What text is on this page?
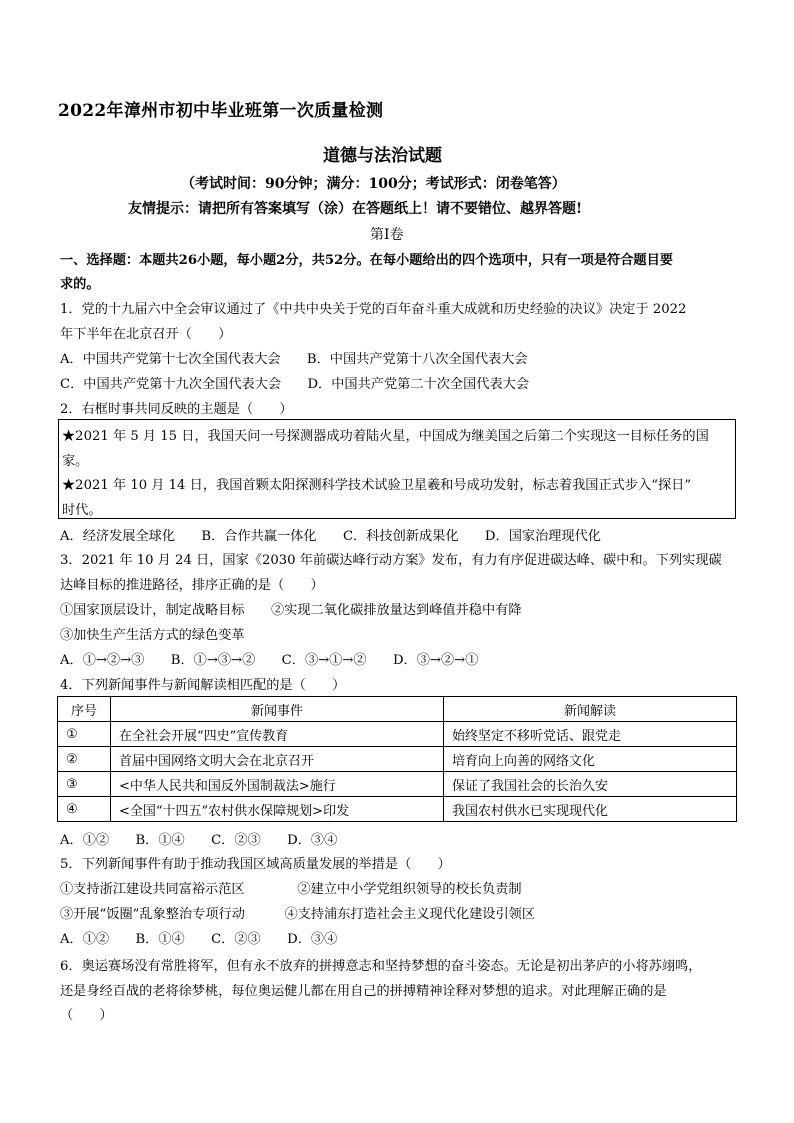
2022年漳州市初中毕业班第一次质量检测
道德与法治试题
（考试时间：90分钟；满分：100分；考试形式：闭卷笔答）
友情提示：请把所有答案填写（涂）在答题纸上！请不要错位、越界答题!
第Ⅰ卷
一、选择题：本题共26小题，每小题2分，共52分。在每小题给出的四个选项中，只有一项是符合题目要
求的。
1．党的十九届六中全会审议通过了《中共中央关于党的百年奋斗重大成就和历史经验的决议》决定于 2022
年下半年在北京召开（　　）
A．中国共产党第十七次全国代表大会　　B．中国共产党第十八次全国代表大会
C．中国共产党第十九次全国代表大会　　D．中国共产党第二十次全国代表大会
2．右框时事共同反映的主题是（　　）
★2021 年 5 月 15 日，我国天问一号探测器成功着陆火星，中国成为继美国之后第二个实现这一目标任务的国
家。
★2021 年 10 月 14 日，我国首颗太阳探测科学技术试验卫星羲和号成功发射，标志着我国正式步入“探日”
时代。
A．经济发展全球化　　B．合作共赢一体化　　C．科技创新成果化　　D．国家治理现代化
3．2021 年 10 月 24 日，国家《2030 年前碳达峰行动方案》发布，有力有序促进碳达峰、碳中和。下列实现碳
达峰目标的推进路径，排序正确的是（　　）
①国家顶层设计，制定战略目标　　②实现二氧化碳排放量达到峰值并稳中有降
③加快生产生活方式的绿色变革
A．①→②→③　　B．①→③→②　　C．③→①→②　　D．③→②→①
4．下列新闻事件与新闻解读相匹配的是（　　）
序号	新闻事件	新闻解读
①	在全社会开展“四史”宣传教育	始终坚定不移听党话、跟党走
②	首届中国网络文明大会在北京召开	培育向上向善的网络文化
③	<中华人民共和国反外国制裁法>施行	保证了我国社会的长治久安
④	<全国“十四五”农村供水保障规划>印发	我国农村供水已实现现代化
A．①②　　B．①④　　C．②③　　D．③④
5．下列新闻事件有助于推动我国区域高质量发展的举措是（　　）
①支持浙江建设共同富裕示范区　　　　②建立中小学党组织领导的校长负责制
③开展“饭圈”乱象整治专项行动　　　④支持浦东打造社会主义现代化建设引领区
A．①②　　B．①④　　C．②③　　D．③④
6．奥运赛场没有常胜将军，但有永不放弃的拼搏意志和坚持梦想的奋斗姿态。无论是初出茅庐的小将苏翊鸣，
还是身经百战的老将徐梦桃，每位奥运健儿都在用自己的拼搏精神诠释对梦想的追求。对此理解正确的是
（　　）
